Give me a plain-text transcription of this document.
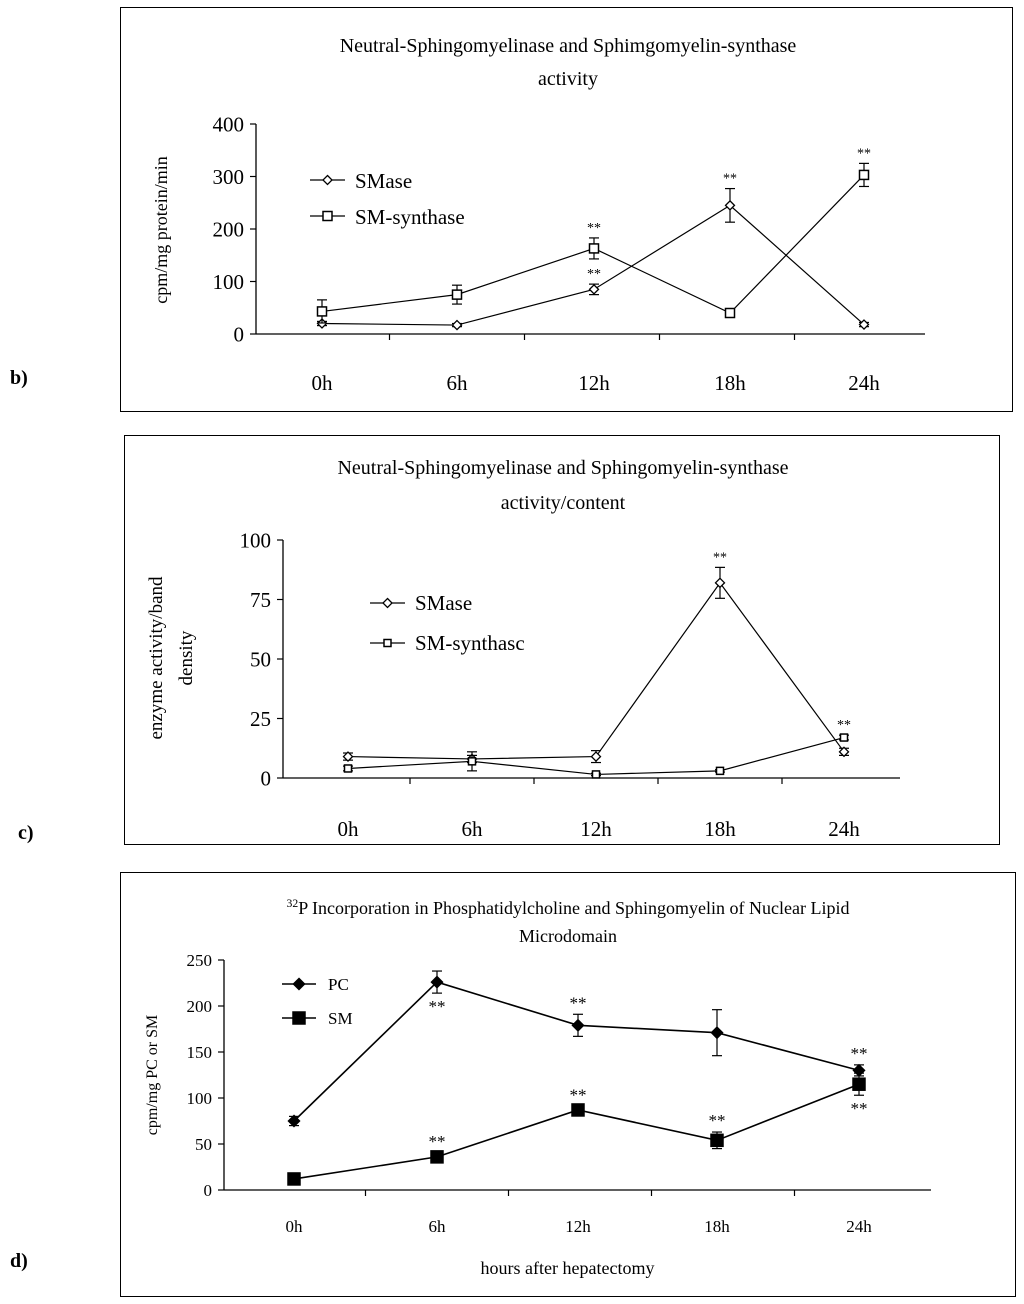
b)
c)
d)
Neutral-Sphingomyelinase and Sphimgomyelin-synthase
activity
0
100
200
300
400
0h	6h	12h	18h	24h
cpm/mg protein/min	**
**
SMase
**
**
SM-synthase
Neutral-Sphingomyelinase and Sphingomyelin-synthase
activity/content
0
25
50
75
100
0h	6h	12h	18h	24h
enzyme activity/band density
**
SMase
**
SM-synthasc
$^{32}$P Incorporation in Phosphatidylcholine and Sphingomyelin of Nuclear Lipid
Microdomain
0
50
100
150
200
250
0h	6h	12h	18h	24h
cpm/mg PC or SM
hours after hepatectomy
**	**
**
PC
**
**
**
**
SM
